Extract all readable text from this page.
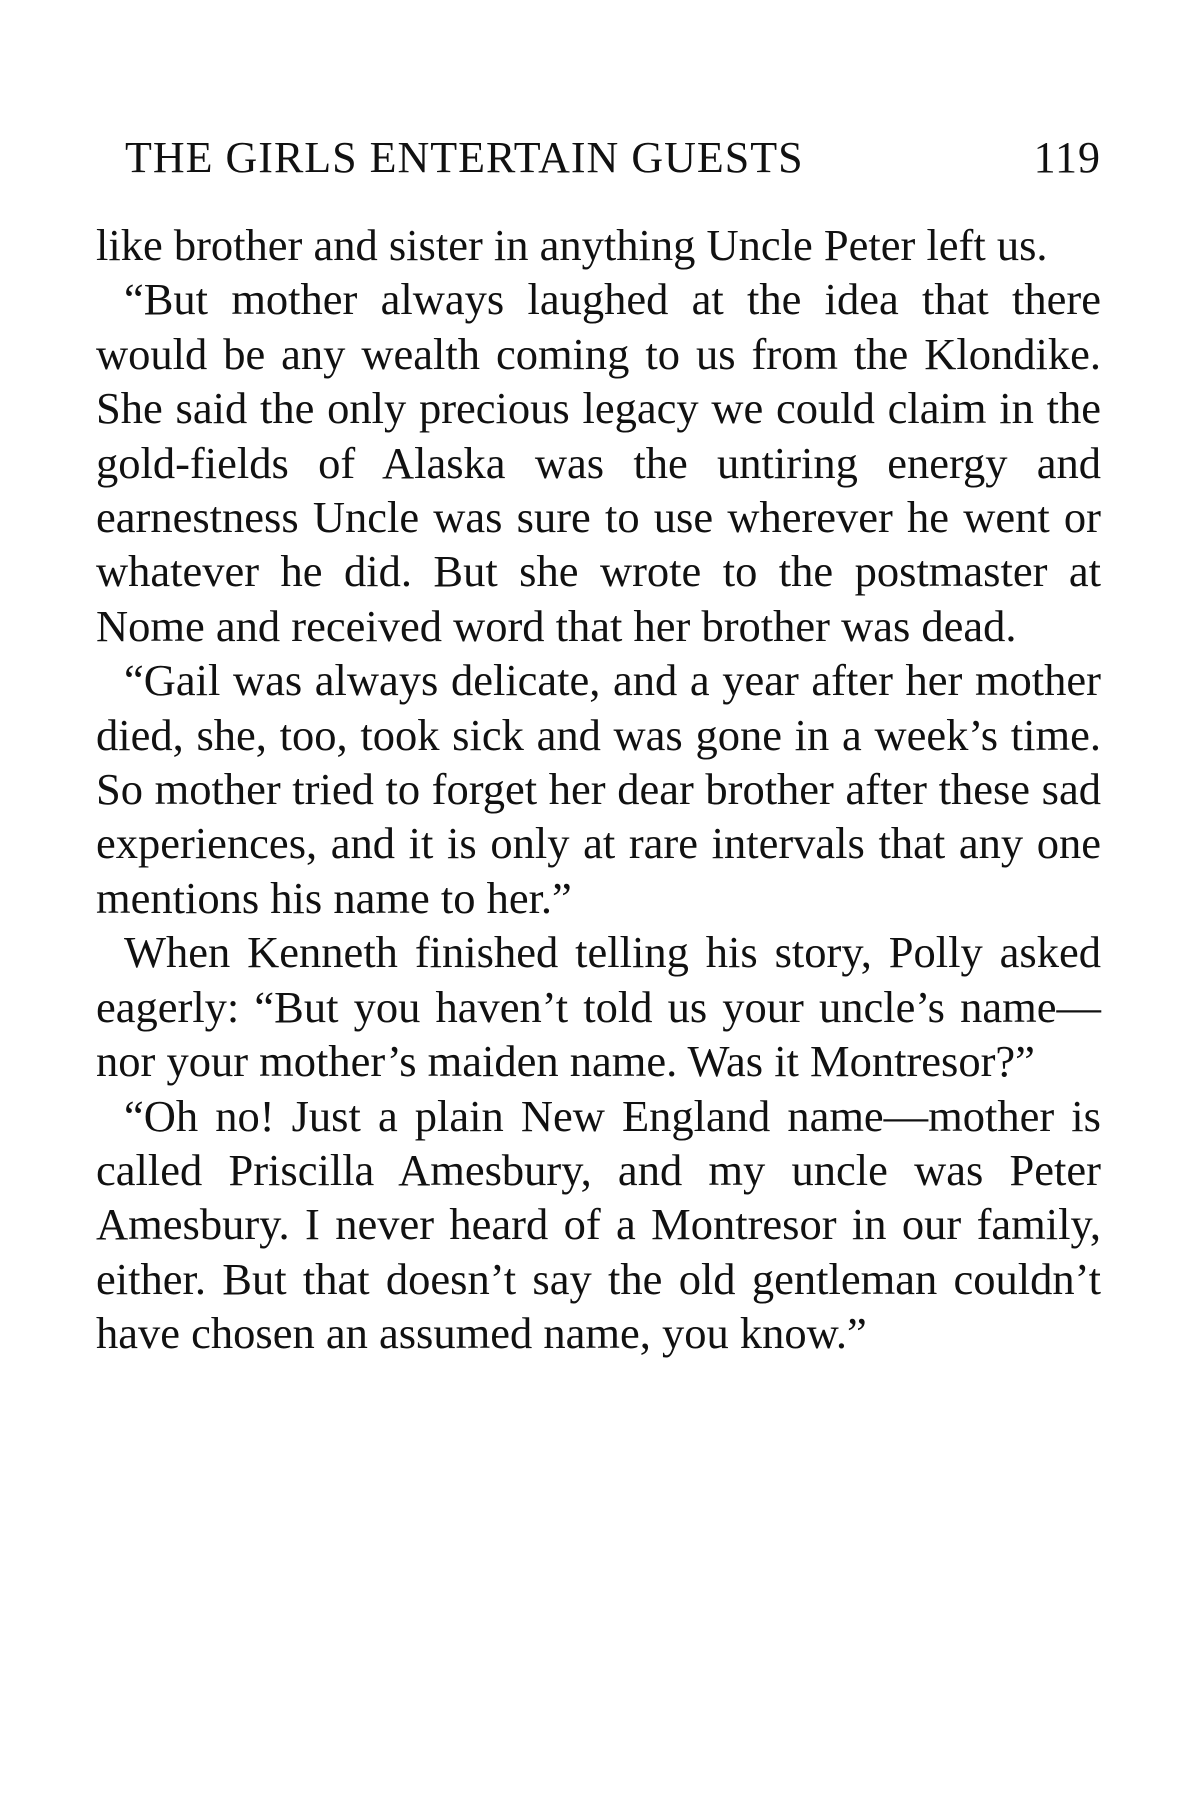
THE GIRLS ENTERTAIN GUESTS	119

like brother and sister in anything Uncle Peter left us.

“But mother always laughed at the idea that there would be any wealth coming to us from the Klondike. She said the only precious legacy we could claim in the gold-fields of Alaska was the untiring energy and earnestness Uncle was sure to use wherever he went or whatever he did. But she wrote to the postmaster at Nome and received word that her brother was dead.

“Gail was always delicate, and a year after her mother died, she, too, took sick and was gone in a week’s time. So mother tried to forget her dear brother after these sad experiences, and it is only at rare intervals that any one mentions his name to her.”

When Kenneth finished telling his story, Polly asked eagerly: “But you haven’t told us your uncle’s name—nor your mother’s maiden name. Was it Montresor?”

“Oh no! Just a plain New England name—mother is called Priscilla Amesbury, and my uncle was Peter Amesbury. I never heard of a Montresor in our family, either. But that doesn’t say the old gentleman couldn’t have chosen an assumed name, you know.”
